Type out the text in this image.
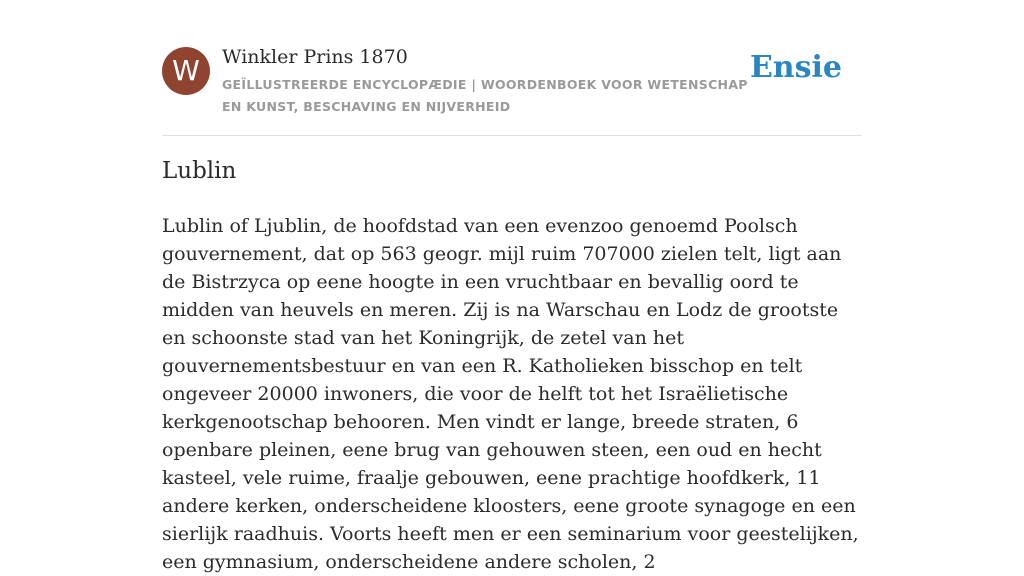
W	Winkler Prins 1870
GEÏLLUSTREERDE ENCYCLOPÆDIE | WOORDENBOEK VOOR WETENSCHAP EN KUNST, BESCHAVING EN NIJVERHEID
Ensie
Lublin

Lublin of Ljublin, de hoofdstad van een evenzoo genoemd Poolsch gouvernement, dat op 563 geogr. mijl ruim 707000 zielen telt, ligt aan de Bistrzyca op eene hoogte in een vruchtbaar en bevallig oord te midden van heuvels en meren. Zij is na Warschau en Lodz de grootste en schoonste stad van het Koningrijk, de zetel van het gouvernementsbestuur en van een R. Katholieken bisschop en telt ongeveer 20000 inwoners, die voor de helft tot het Israëlietische kerkgenootschap behooren. Men vindt er lange, breede straten, 6 openbare pleinen, eene brug van gehouwen steen, een oud en hecht kasteel, vele ruime, fraalje gebouwen, eene prachtige hoofdkerk, 11 andere kerken, onderscheidene kloosters, eene groote synagoge en een sierlijk raadhuis. Voorts heeft men er een seminarium voor geestelijken, een gymnasium, onderscheidene andere scholen, 2
